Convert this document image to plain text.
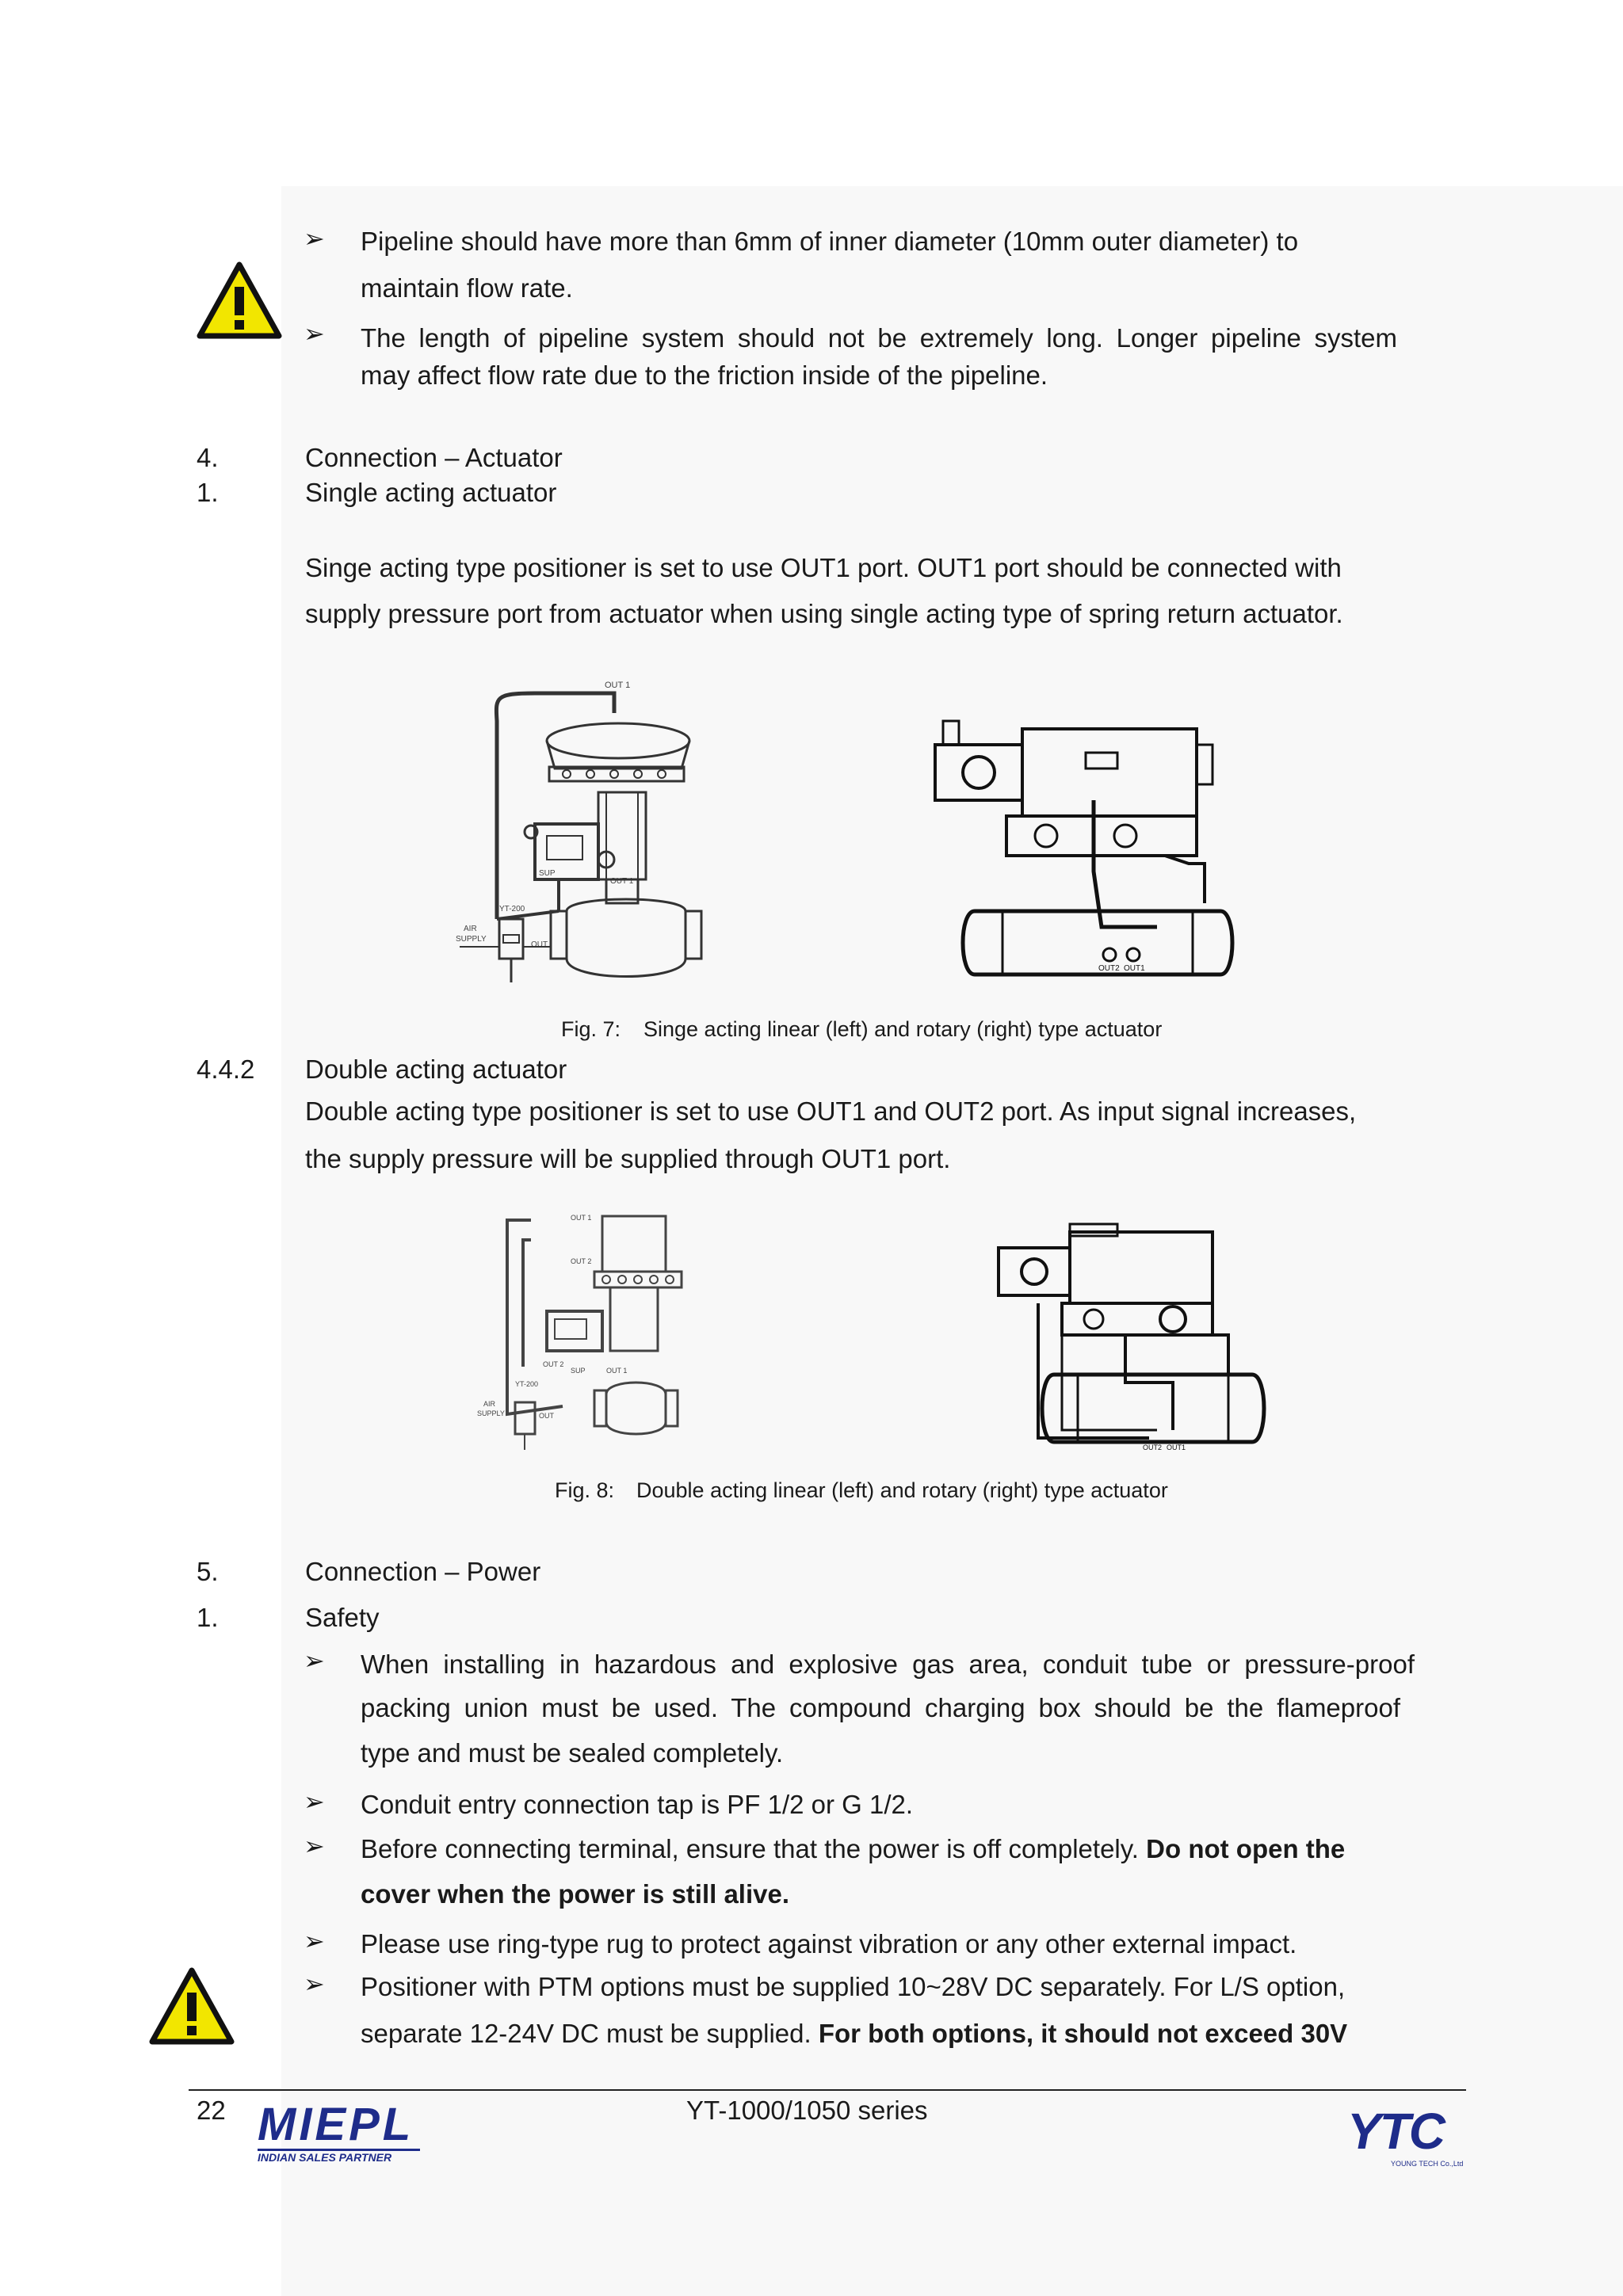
➢ Pipeline should have more than 6mm of inner diameter (10mm outer diameter) to
maintain flow rate.
➢ The length of pipeline system should not be extremely long. Longer pipeline system
may affect flow rate due to the friction inside of the pipeline.
4.	Connection – Actuator
1.	Single acting actuator
Singe acting type positioner is set to use OUT1 port. OUT1 port should be connected with
supply pressure port from actuator when using single acting type of spring return actuator.
OUT 1
SUP
OUT 1
YT-200
AIR
SUPPLY
OUT
OUT2 OUT1
Fig. 7: Singe acting linear (left) and rotary (right) type actuator
4.4.2 Double acting actuator
Double acting type positioner is set to use OUT1 and OUT2 port. As input signal increases,
the supply pressure will be supplied through OUT1 port.
OUT 1
OUT 2
OUT 2
SUP	OUT 1
YT-200
AIR
SUPPLY	OUT
OUT2 OUT1
Fig. 8: Double acting linear (left) and rotary (right) type actuator
5.	Connection – Power
1.	Safety
➢ When installing in hazardous and explosive gas area, conduit tube or pressure-proof
packing union must be used. The compound charging box should be the flameproof
type and must be sealed completely.
➢ Conduit entry connection tap is PF 1/2 or G 1/2.
➢ Before connecting terminal, ensure that the power is off completely. Do not open the
cover when the power is still alive.
➢ Please use ring-type rug to protect against vibration or any other external impact.
➢ Positioner with PTM options must be supplied 10~28V DC separately. For L/S option,
separate 12-24V DC must be supplied. For both options, it should not exceed 30V
22	YT-1000/1050 series
MIEPL
INDIAN SALES PARTNER	YTC
YOUNG TECH Co.,Ltd
